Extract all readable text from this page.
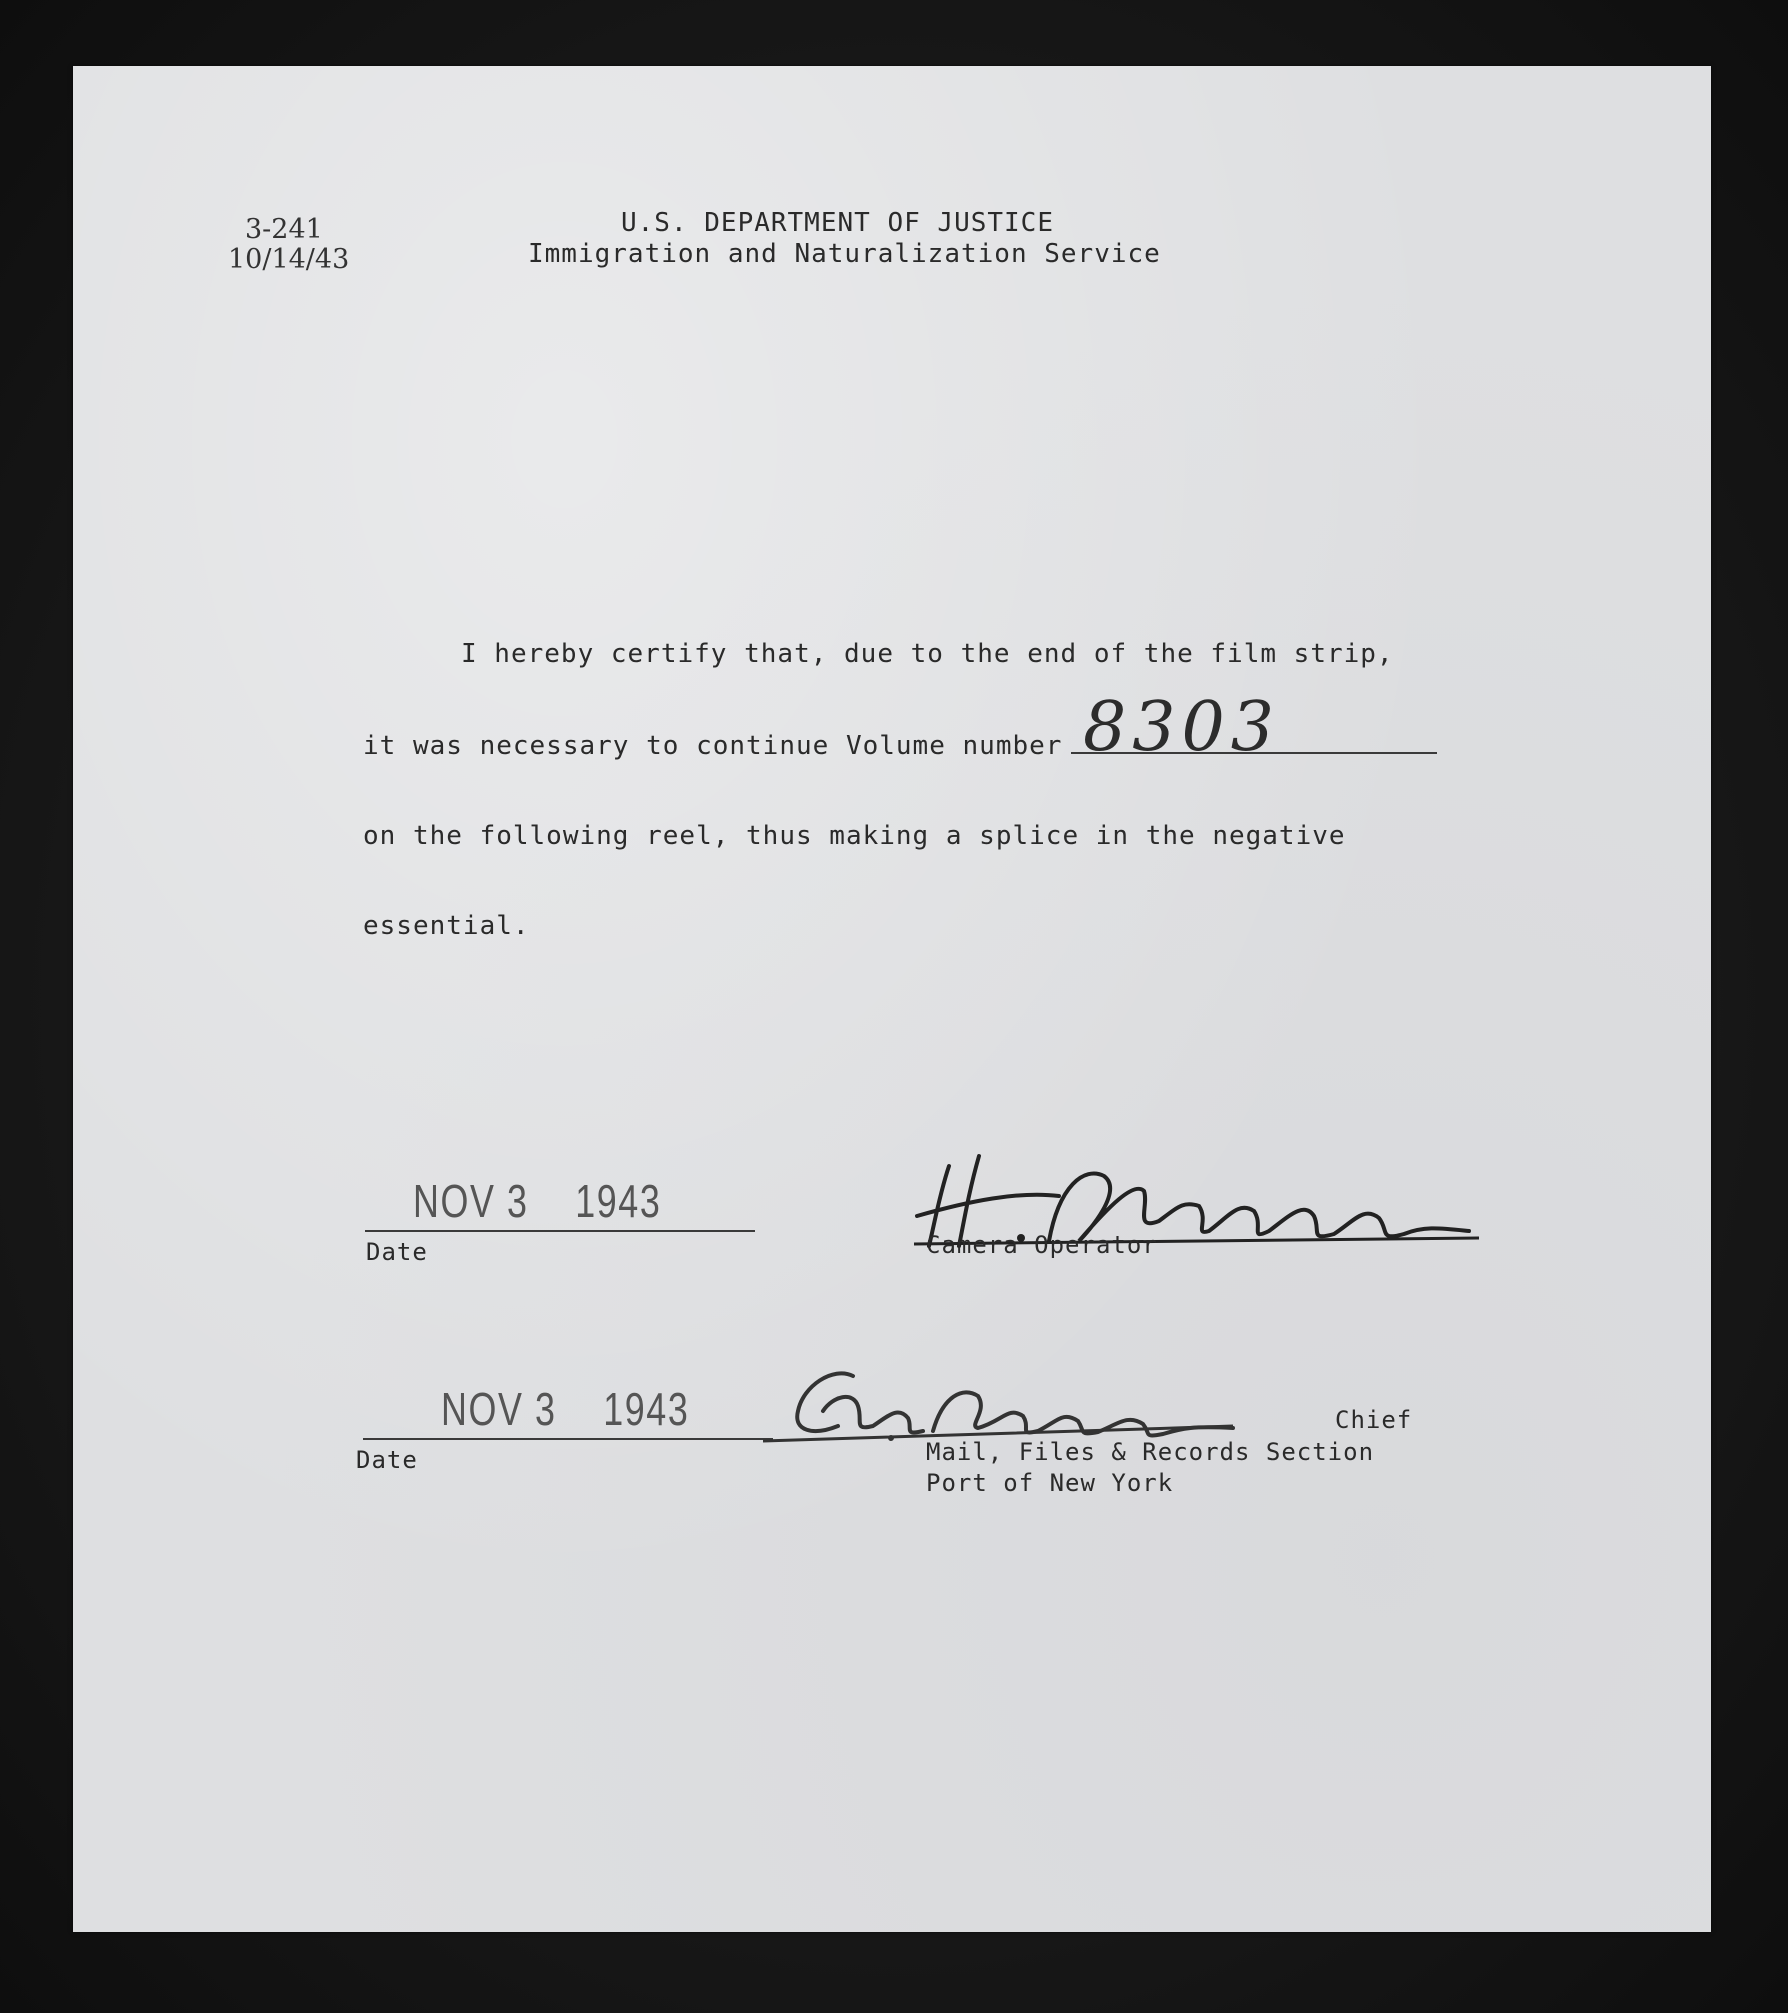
3-241
10/14/43
U.S. DEPARTMENT OF JUSTICE
Immigration and Naturalization Service
I hereby certify that, due to the end of the film strip,
it was necessary to continue Volume number 8303
on the following reel, thus making a splice in the negative
essential.
NOV 3 1943
Date	Camera Operator
NOV 3 1943
Date
Chief
Mail, Files & Records Section
Port of New York
